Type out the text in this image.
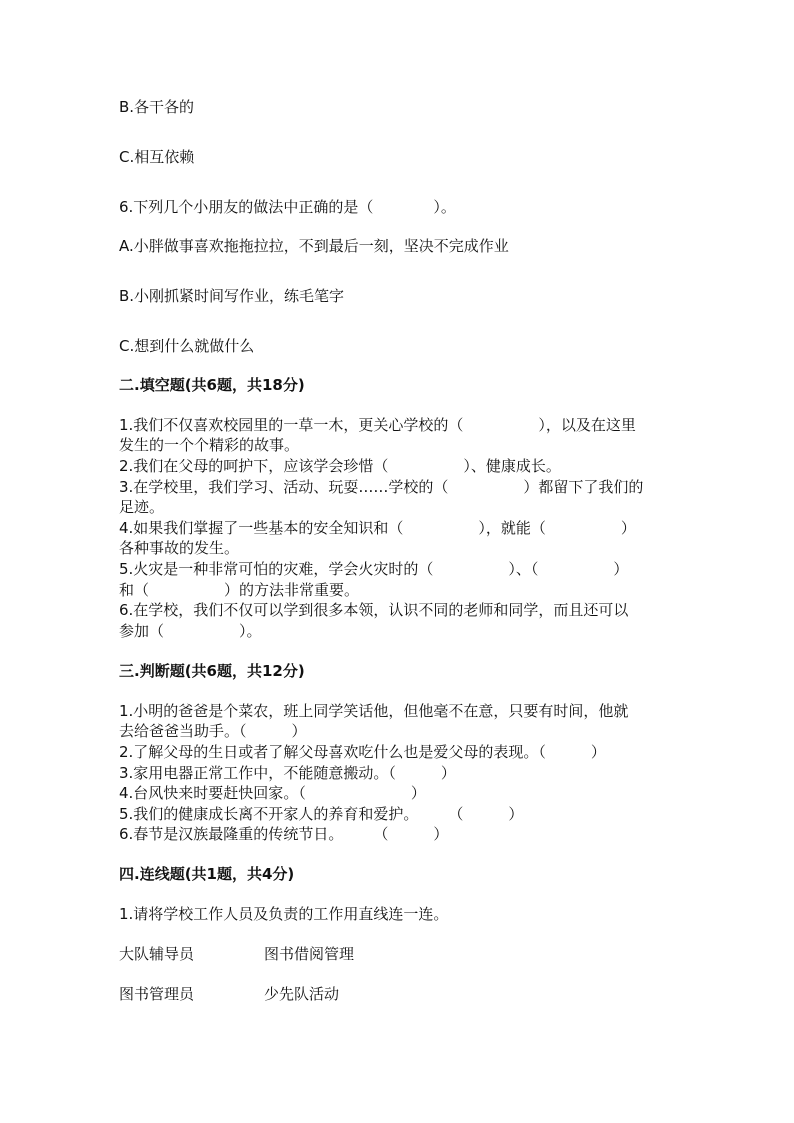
B.各干各的
C.相互依赖
6.下列几个小朋友的做法中正确的是（　　　　）。
A.小胖做事喜欢拖拖拉拉，不到最后一刻，坚决不完成作业
B.小刚抓紧时间写作业，练毛笔字
C.想到什么就做什么
二.填空题(共6题，共18分)
1.我们不仅喜欢校园里的一草一木，更关心学校的（　　　　　），以及在这里
发生的一个个精彩的故事。
2.我们在父母的呵护下，应该学会珍惜（　　　　　）、健康成长。
3.在学校里，我们学习、活动、玩耍……学校的（　　　　　）都留下了我们的
足迹。
4.如果我们掌握了一些基本的安全知识和（　　　　　），就能（　　　　　）
各种事故的发生。
5.火灾是一种非常可怕的灾难，学会火灾时的（　　　　　）、（　　　　　）
和（　　　　　）的方法非常重要。
6.在学校，我们不仅可以学到很多本领，认识不同的老师和同学，而且还可以
参加（　　　　　）。
三.判断题(共6题，共12分)
1.小明的爸爸是个菜农，班上同学笑话他，但他毫不在意，只要有时间，他就
去给爸爸当助手。（　　　）
2.了解父母的生日或者了解父母喜欢吃什么也是爱父母的表现。（　　　）
3.家用电器正常工作中，不能随意搬动。（　　　）
4.台风快来时要赶快回家。（　　　　　　　）
5.我们的健康成长离不开家人的养育和爱护。　　　（　　　）
6.春节是汉族最隆重的传统节日。　　　（　　　）
四.连线题(共1题，共4分)
1.请将学校工作人员及负责的工作用直线连一连。
大队辅导员	图书借阅管理
图书管理员	少先队活动
